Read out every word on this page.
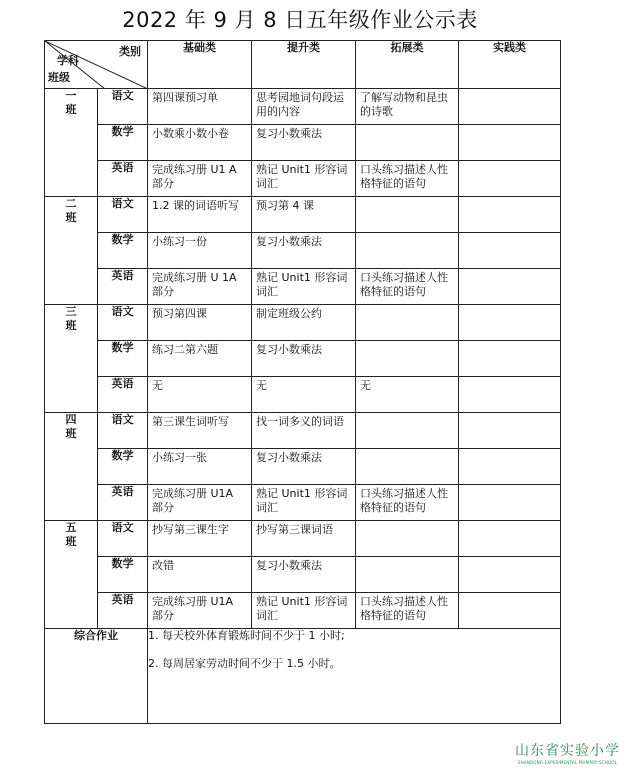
2022 年 9 月 8 日五年级作业公示表
类别
学科
班级		基础类	提升类	拓展类	实践类
一
班	语文	第四课预习单	思考园地词句段运用的内容	了解写动物和昆虫的诗歌	

	数学	小数乘小数小卷	复习小数乘法		

	英语	完成练习册 U1 A 部分	熟记 Unit1 形容词词汇	口头练习描述人性格特征的语句	

二
班	语文	1.2 课的词语听写	预习第 4 课		

	数学	小练习一份	复习小数乘法		

	英语	完成练习册 U 1A 部分	熟记 Unit1 形容词词汇	口头练习描述人性格特征的语句	

三
班	语文	预习第四课	制定班级公约		

	数学	练习二第六题	复习小数乘法		

	英语	无	无	无	

四
班	语文	第三课生词听写	找一词多义的词语		

	数学	小练习一张	复习小数乘法		

	英语	完成练习册 U1A 部分	熟记 Unit1 形容词词汇	口头练习描述人性格特征的语句	

五
班	语文	抄写第三课生字	抄写第三课词语		

	数学	改错	复习小数乘法		

	英语	完成练习册 U1A 部分	熟记 Unit1 形容词词汇	口头练习描述人性格特征的语句	

综合作业		1. 每天校外体育锻炼时间不少于 1 小时;
2. 每周居家劳动时间不少于 1.5 小时。			
山东省实验小学
SHANDONG EXPERIMENTAL PRIMARY SCHOOL
